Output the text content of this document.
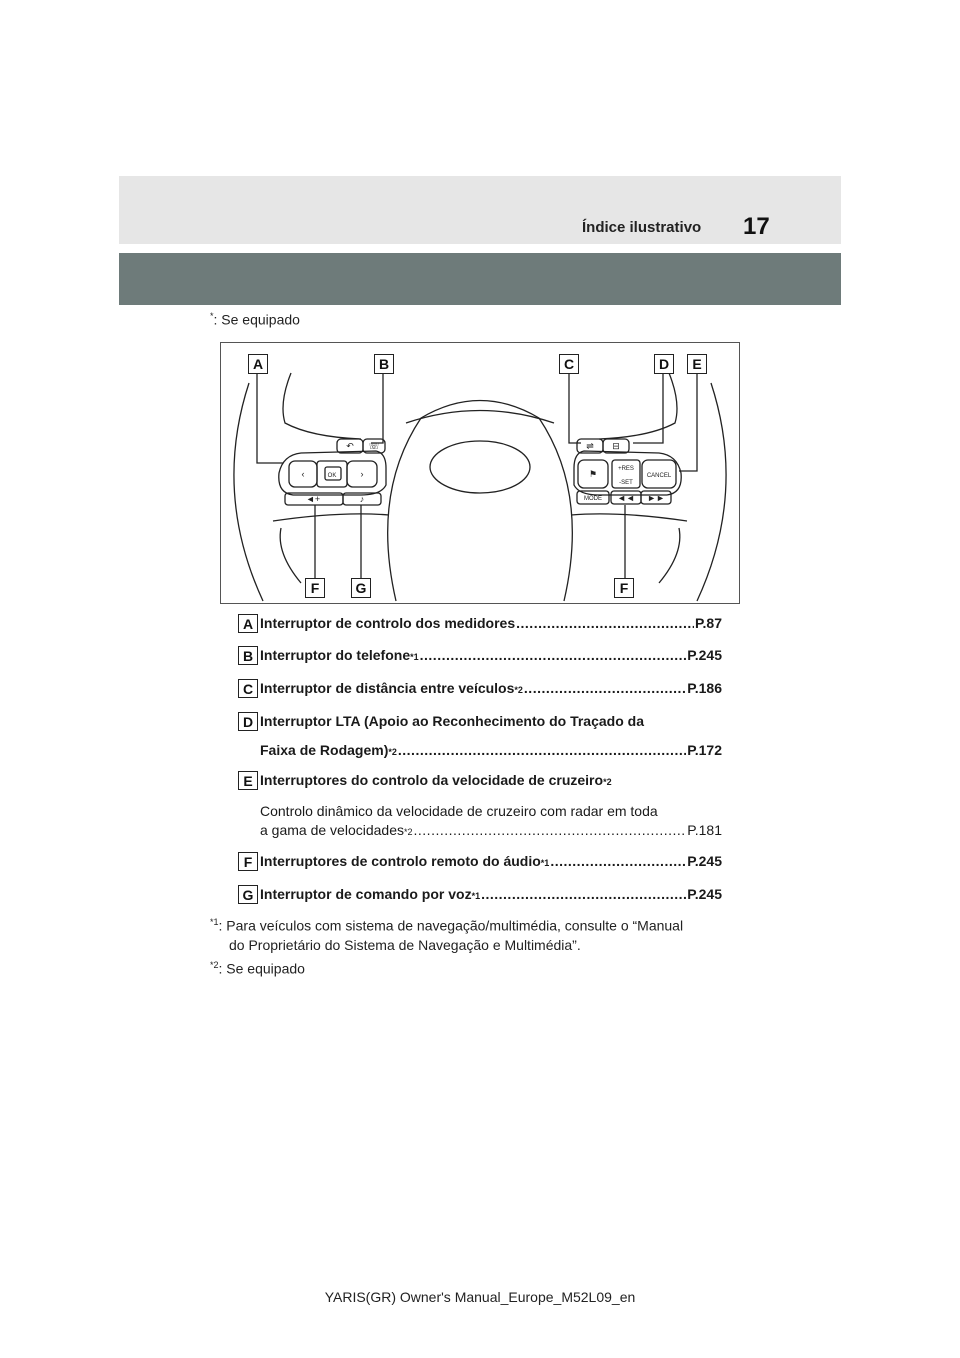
Índice ilustrativo 17
*: Se equipado
OK	CANCEL
MODE
+RES
-SET
‹	›	⚑
◄+	♪	◄◄ ►►
↶ ☏	⇌ ⊟
A	B	C	D	E
F	G	F
A Interruptor de controlo dos medidores .....	P.87
B Interruptor do telefone *1 .....	P.245
C Interruptor de distância entre veículos *2 .....	P.186
D Interruptor LTA (Apoio ao Reconhecimento do Traçado da
Faixa de Rodagem) *2 .....	P.172
E Interruptores do controlo da velocidade de cruzeiro *2
Controlo dinâmico da velocidade de cruzeiro com radar em toda
a gama de velocidades *2 .....	P.181
F Interruptores de controlo remoto do áudio *1 .....	P.245
G Interruptor de comando por voz *1 .....	P.245
$^{*1}$: Para veículos com sistema de navegação/multimédia, consulte o “Manual
do Proprietário do Sistema de Navegação e Multimédia”.
$^{*2}$: Se equipado
YARIS(GR) Owner's Manual_Europe_M52L09_en
